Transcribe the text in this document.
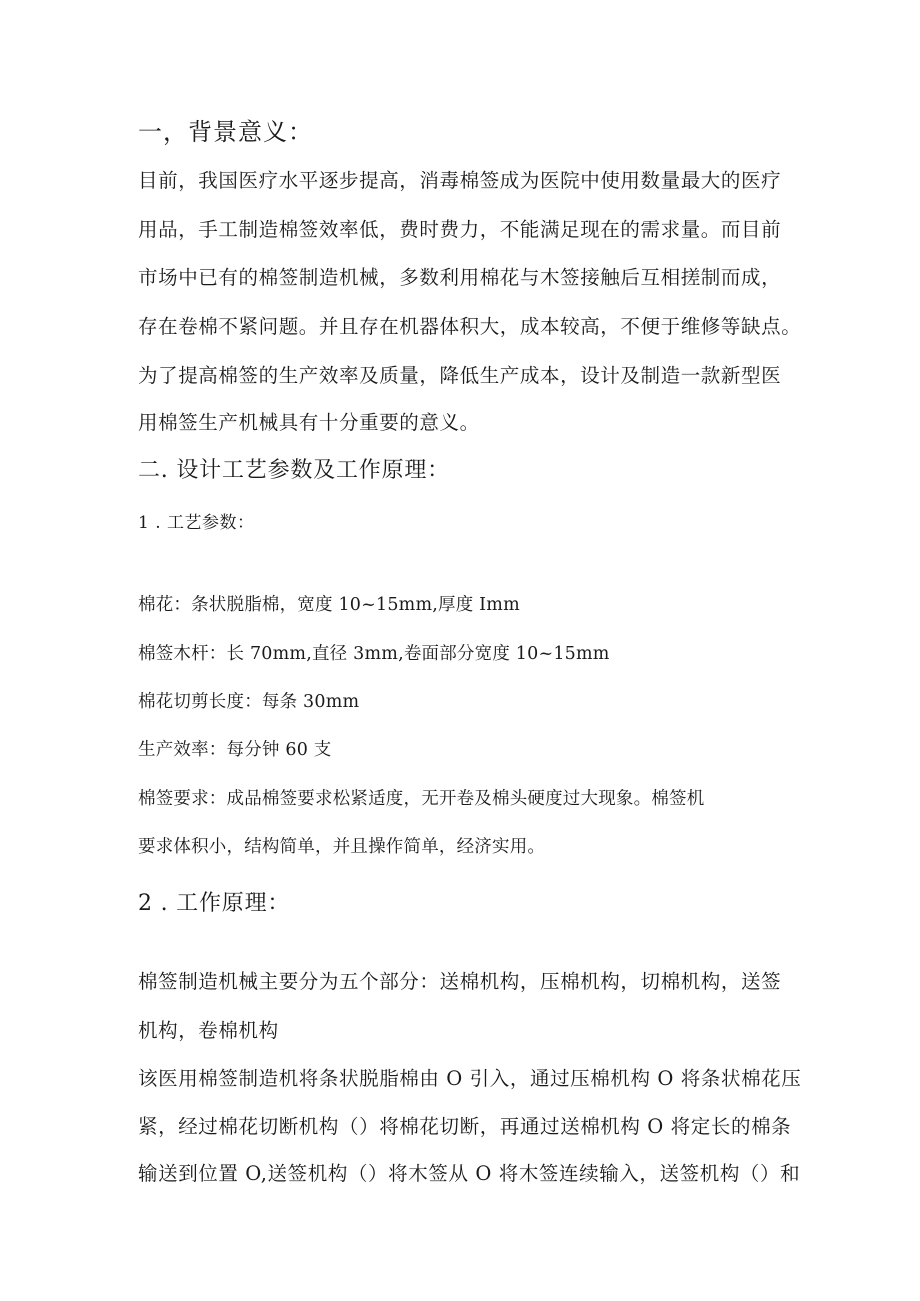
一，背景意义：
目前，我国医疗水平逐步提高，消毒棉签成为医院中使用数量最大的医疗
用品，手工制造棉签效率低，费时费力，不能满足现在的需求量。而目前
市场中已有的棉签制造机械，多数利用棉花与木签接触后互相搓制而成，
存在卷棉不紧问题。并且存在机器体积大，成本较高，不便于维修等缺点。
为了提高棉签的生产效率及质量，降低生产成本，设计及制造一款新型医
用棉签生产机械具有十分重要的意义。
二. 设计工艺参数及工作原理：
1 . 工艺参数：
棉花：条状脱脂棉，宽度 10~15mm,厚度 Imm
棉签木杆：长 70mm,直径 3mm,卷面部分宽度 10~15mm
棉花切剪长度：每条 30mm
生产效率：每分钟 60 支
棉签要求：成品棉签要求松紧适度，无开卷及棉头硬度过大现象。棉签机
要求体积小，结构简单，并且操作简单，经济实用。
2 . 工作原理：
棉签制造机械主要分为五个部分：送棉机构，压棉机构，切棉机构，送签
机构，卷棉机构
该医用棉签制造机将条状脱脂棉由 O 引入，通过压棉机构 O 将条状棉花压
紧，经过棉花切断机构（）将棉花切断，再通过送棉机构 O 将定长的棉条
输送到位置 O,送签机构（）将木签从 O 将木签连续输入，送签机构（）和
